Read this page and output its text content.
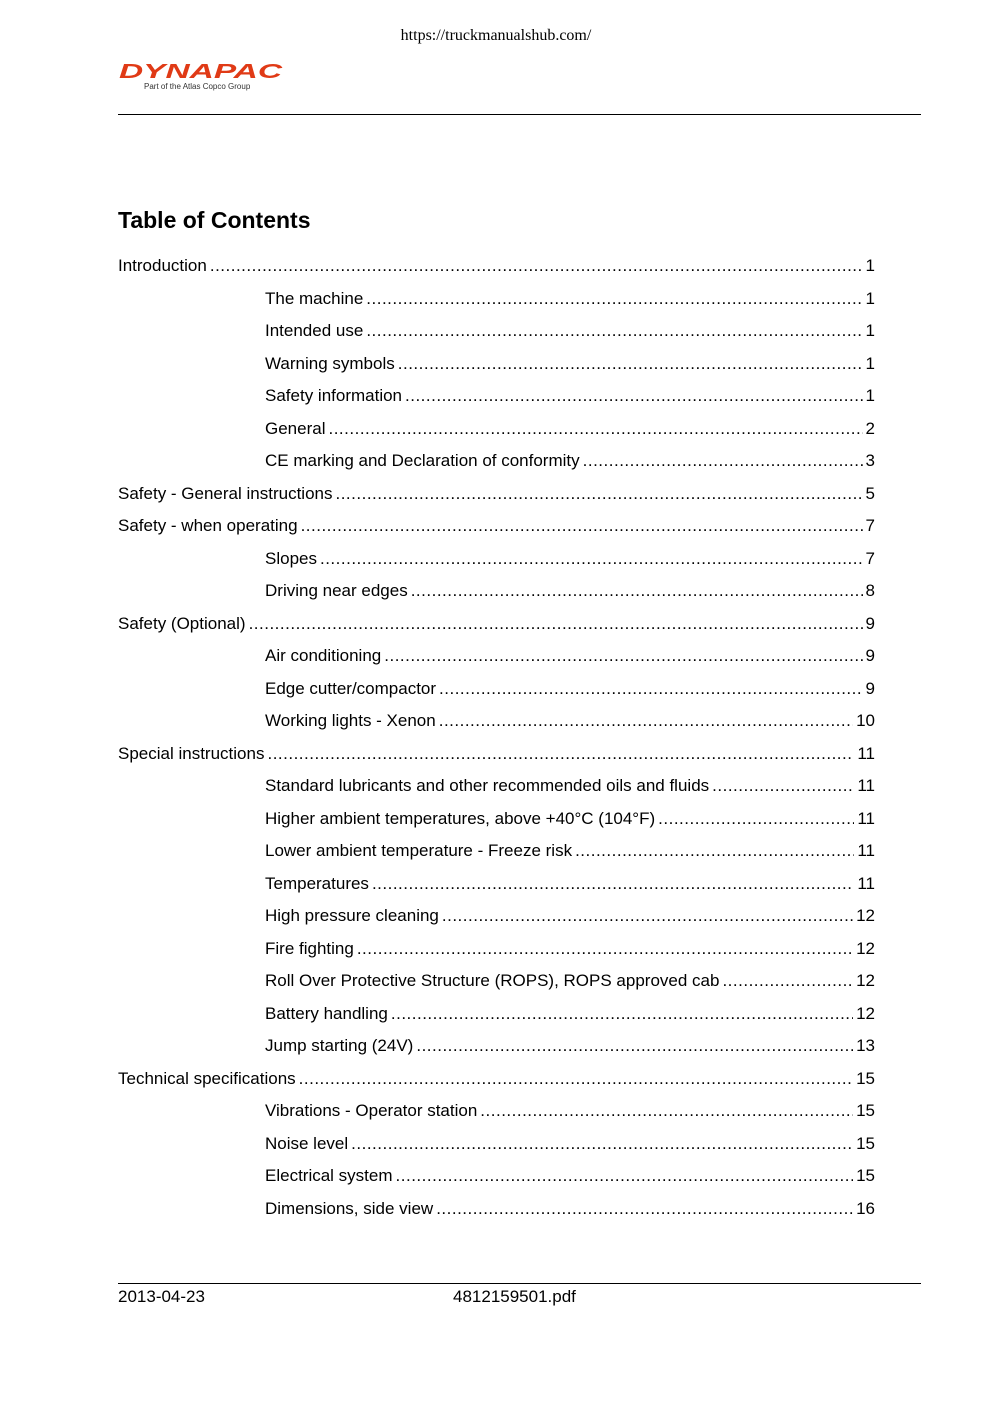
https://truckmanualshub.com/
DYNAPAC
Part of the Atlas Copco Group
Table of Contents
Introduction .....	1
The machine .....	1
Intended use .....	1
Warning symbols .....	1
Safety information .....	1
General .....	2
CE marking and Declaration of conformity .....	3
Safety - General instructions .....	5
Safety - when operating .....	7
Slopes .....	7
Driving near edges .....	8
Safety (Optional) .....	9
Air conditioning .....	9
Edge cutter/compactor .....	9
Working lights - Xenon .....	10
Special instructions .....	11
Standard lubricants and other recommended oils and fluids .....	11
Higher ambient temperatures, above +40°C (104°F) .....	11
Lower ambient temperature - Freeze risk .....	11
Temperatures .....	11
High pressure cleaning .....	12
Fire fighting .....	12
Roll Over Protective Structure (ROPS), ROPS approved cab .....	12
Battery handling .....	12
Jump starting (24V) .....	13
Technical specifications .....	15
Vibrations - Operator station .....	15
Noise level .....	15
Electrical system .....	15
Dimensions, side view .....	16
2013-04-23	4812159501.pdf
